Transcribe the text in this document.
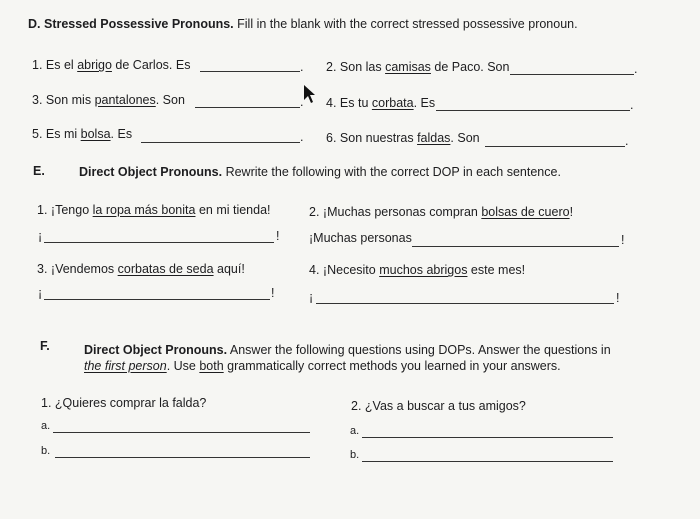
D. Stressed Possessive Pronouns. Fill in the blank with the correct stressed possessive pronoun.
1. Es el abrigo de Carlos. Es	. 2. Son las camisas de Paco. Son	.
3. Son mis pantalones. Son	. 4. Es tu corbata. Es	.
5. Es mi bolsa. Es	. 6. Son nuestras faldas. Son	.
E.	Direct Object Pronouns. Rewrite the following with the correct DOP in each sentence.
1. ¡Tengo la ropa más bonita en mi tienda!
¡	!
2. ¡Muchas personas compran bolsas de cuero!
¡Muchas personas	!
3. ¡Vendemos corbatas de seda aquí!
¡	!
4. ¡Necesito muchos abrigos este mes!
¡	!
F.	Direct Object Pronouns. Answer the following questions using DOPs. Answer the questions in
the first person. Use both grammatically correct methods you learned in your answers.
1. ¿Quieres comprar la falda?	2. ¿Vas a buscar a tus amigos?
a.
b.
a.
b.
